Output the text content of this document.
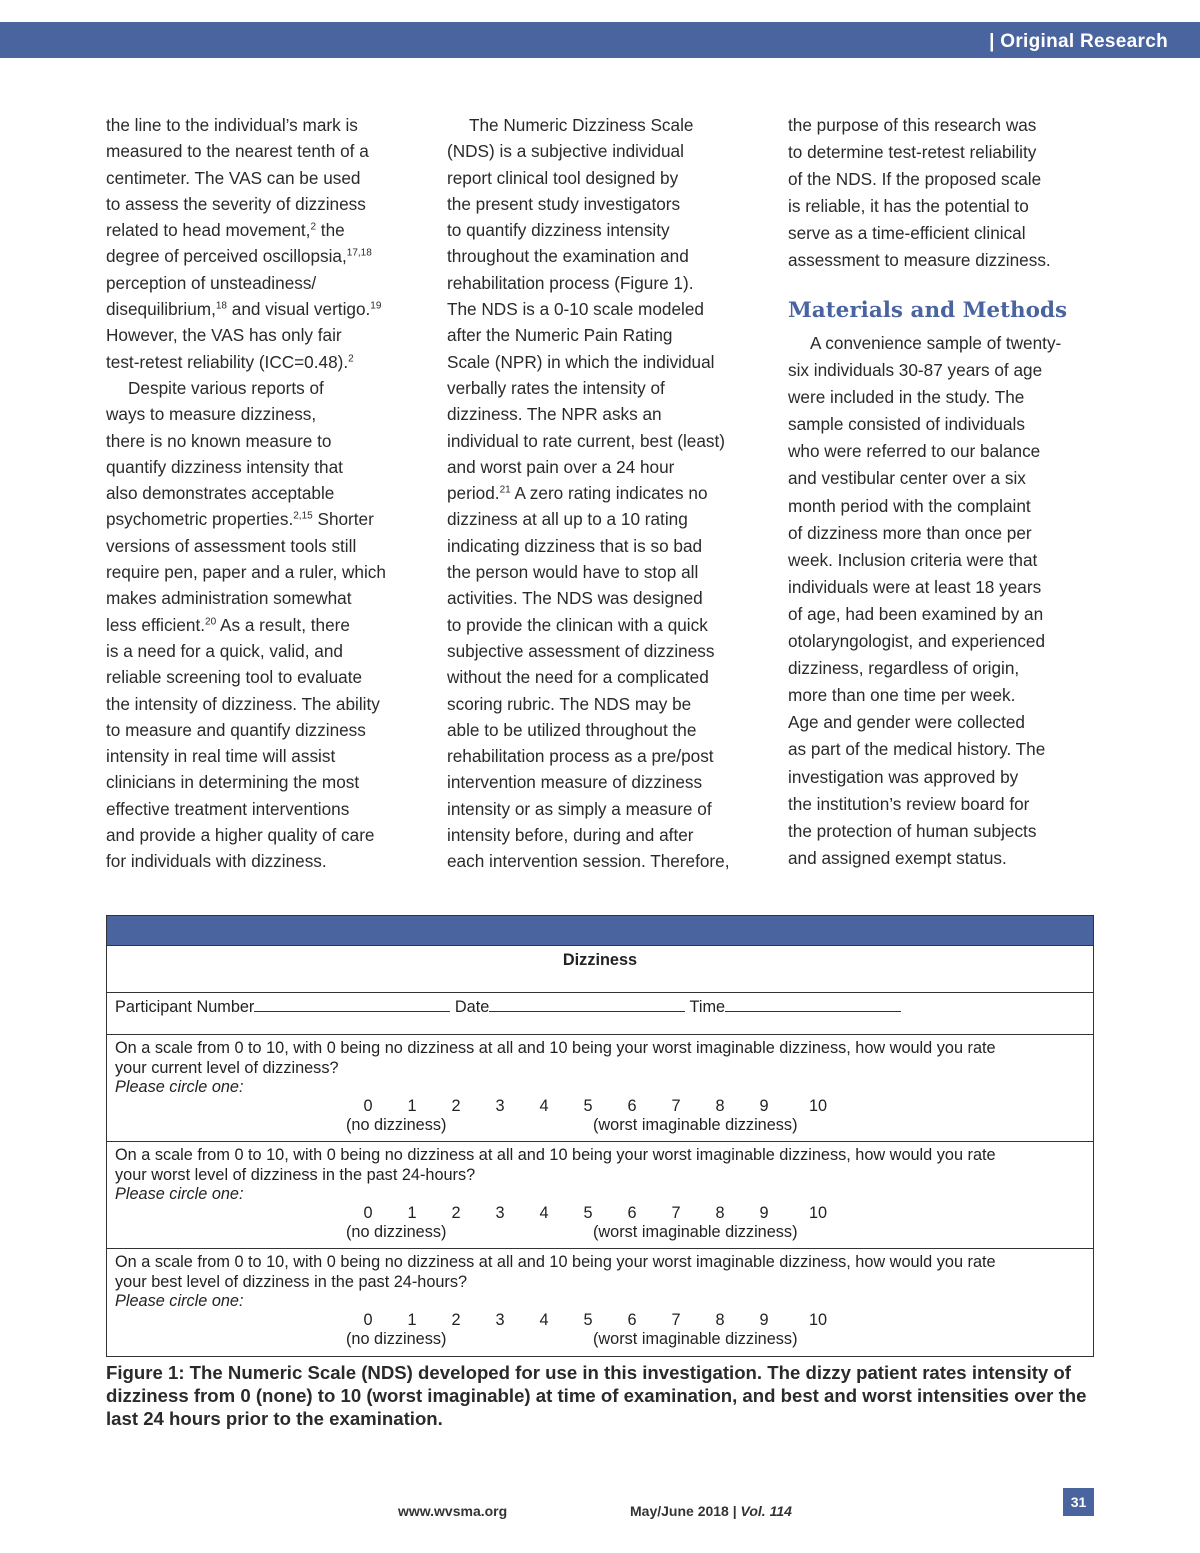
| Original Research

the line to the individual’s mark is
measured to the nearest tenth of a
centimeter. The VAS can be used
to assess the severity of dizziness
related to head movement,$^2$ the
degree of perceived oscillopsia,$^{17,18}$
perception of unsteadiness/
disequilibrium,$^{18}$ and visual vertigo.$^{19}$
However, the VAS has only fair
test-retest reliability (ICC=0.48).$^2$

Despite various reports of
ways to measure dizziness,
there is no known measure to
quantify dizziness intensity that
also demonstrates acceptable
psychometric properties.$^{2,15}$ Shorter
versions of assessment tools still
require pen, paper and a ruler, which
makes administration somewhat
less efficient.$^{20}$ As a result, there
is a need for a quick, valid, and
reliable screening tool to evaluate
the intensity of dizziness. The ability
to measure and quantify dizziness
intensity in real time will assist
clinicians in determining the most
effective treatment interventions
and provide a higher quality of care
for individuals with dizziness.

The Numeric Dizziness Scale
(NDS) is a subjective individual
report clinical tool designed by
the present study investigators
to quantify dizziness intensity
throughout the examination and
rehabilitation process (Figure 1).
The NDS is a 0-10 scale modeled
after the Numeric Pain Rating
Scale (NPR) in which the individual
verbally rates the intensity of
dizziness. The NPR asks an
individual to rate current, best (least)
and worst pain over a 24 hour
period.$^{21}$ A zero rating indicates no
dizziness at all up to a 10 rating
indicating dizziness that is so bad
the person would have to stop all
activities. The NDS was designed
to provide the clinican with a quick
subjective assessment of dizziness
without the need for a complicated
scoring rubric. The NDS may be
able to be utilized throughout the
rehabilitation process as a pre/post
intervention measure of dizziness
intensity or as simply a measure of
intensity before, during and after
each intervention session. Therefore,

the purpose of this research was
to determine test-retest reliability
of the NDS. If the proposed scale
is reliable, it has the potential to
serve as a time-efficient clinical
assessment to measure dizziness.

Materials and Methods

A convenience sample of twenty-
six individuals 30-87 years of age
were included in the study. The
sample consisted of individuals
who were referred to our balance
and vestibular center over a six
month period with the complaint
of dizziness more than once per
week. Inclusion criteria were that
individuals were at least 18 years
of age, had been examined by an
otolaryngologist, and experienced
dizziness, regardless of origin,
more than one time per week.
Age and gender were collected
as part of the medical history. The
investigation was approved by
the institution’s review board for
the protection of human subjects
and assigned exempt status.

Dizziness
Participant Number	Date	Time
On a scale from 0 to 10, with 0 being no dizziness at all and 10 being your worst imaginable dizziness, how would you rate
your current level of dizziness?
Please circle one:
0	1	2	3	4	5	6	7	8	9	10
(no dizziness)	(worst imaginable dizziness)
On a scale from 0 to 10, with 0 being no dizziness at all and 10 being your worst imaginable dizziness, how would you rate
your worst level of dizziness in the past 24-hours?
Please circle one:
0	1	2	3	4	5	6	7	8	9	10
(no dizziness)	(worst imaginable dizziness)
On a scale from 0 to 10, with 0 being no dizziness at all and 10 being your worst imaginable dizziness, how would you rate
your best level of dizziness in the past 24-hours?
Please circle one:
0	1	2	3	4	5	6	7	8	9	10
(no dizziness)	(worst imaginable dizziness)
Figure 1: The Numeric Scale (NDS) developed for use in this investigation. The dizzy patient rates intensity of dizziness from 0 (none) to 10 (worst imaginable) at time of examination, and best and worst intensities over the last 24 hours prior to the examination.
www.wvsma.org	May/June 2018 | Vol. 114
31
